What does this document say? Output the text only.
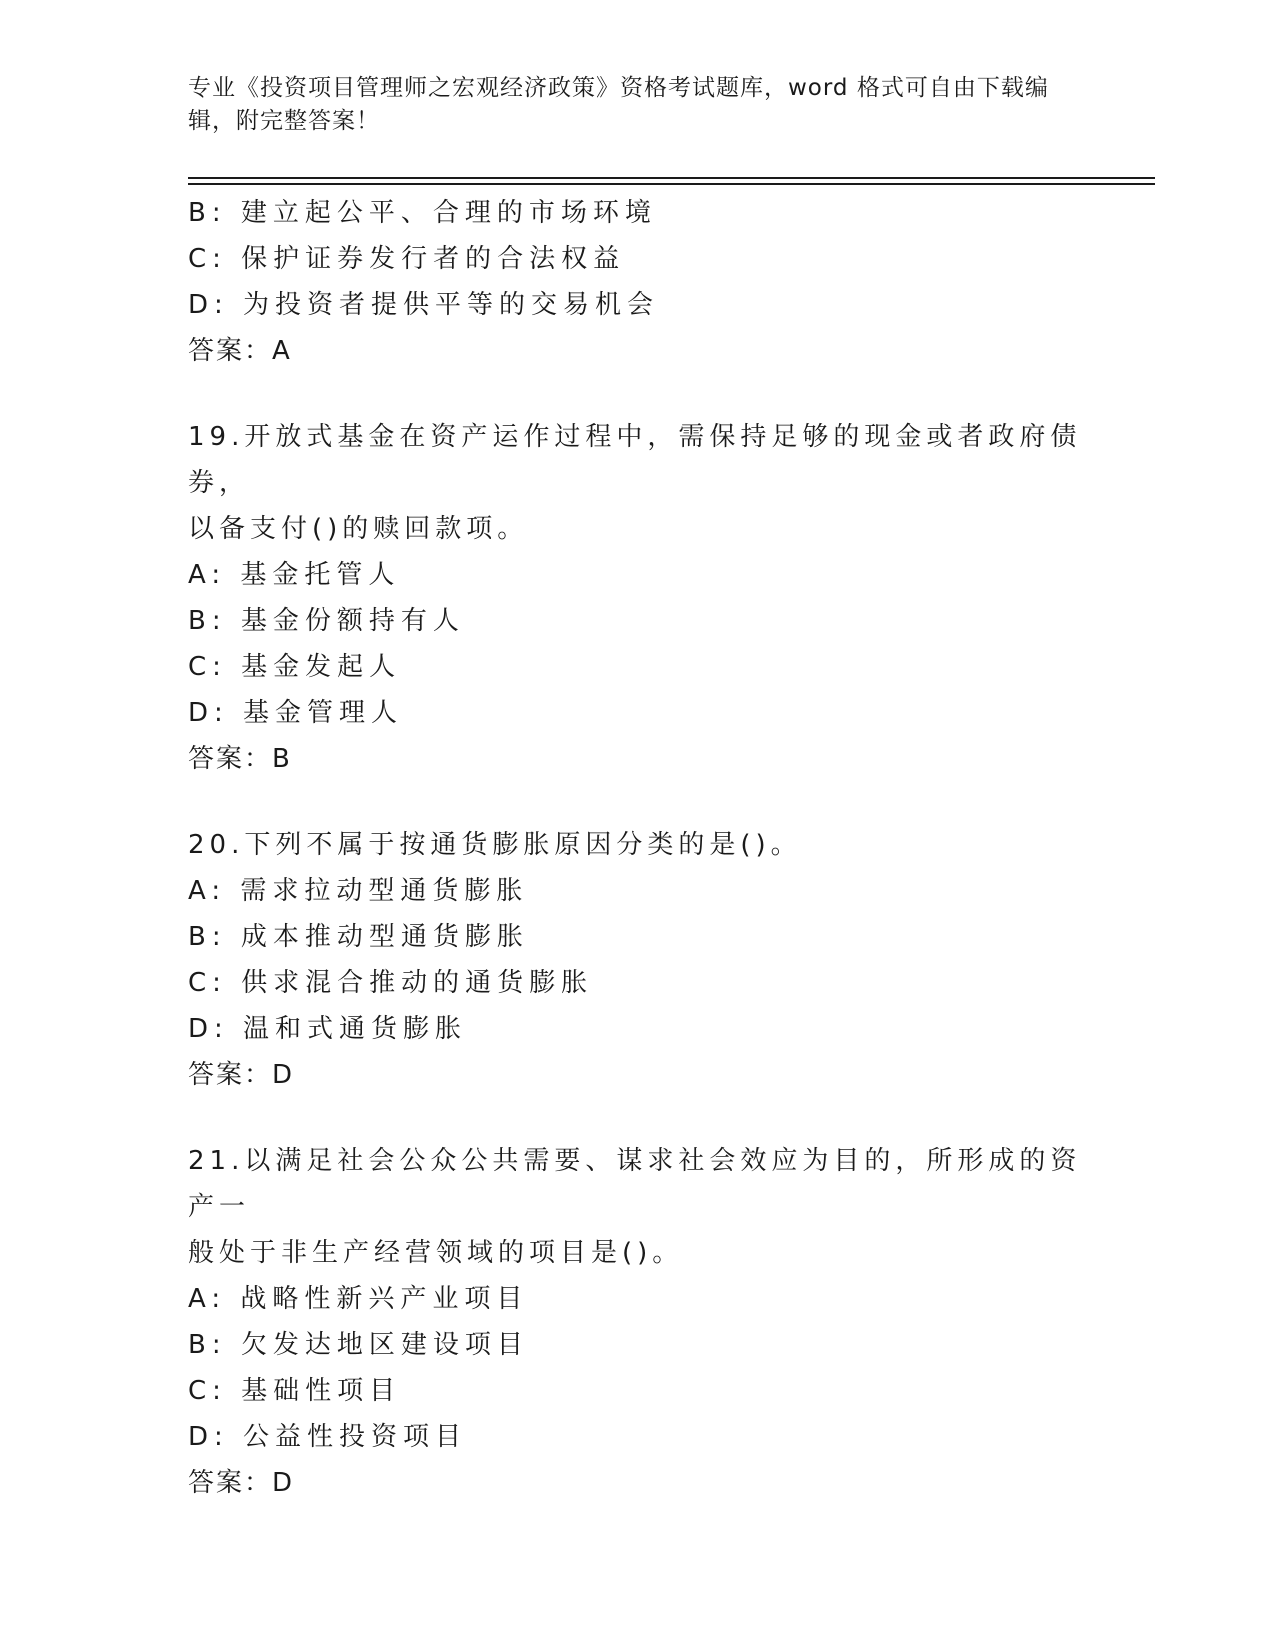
专业《投资项目管理师之宏观经济政策》资格考试题库，word 格式可自由下载编
辑，附完整答案！
B: 建立起公平、合理的市场环境
C: 保护证券发行者的合法权益
D: 为投资者提供平等的交易机会
答案：A
19.开放式基金在资产运作过程中，需保持足够的现金或者政府债券，
以备支付()的赎回款项。
A: 基金托管人
B: 基金份额持有人
C: 基金发起人
D: 基金管理人
答案：B
20.下列不属于按通货膨胀原因分类的是()。
A: 需求拉动型通货膨胀
B: 成本推动型通货膨胀
C: 供求混合推动的通货膨胀
D: 温和式通货膨胀
答案：D
21.以满足社会公众公共需要、谋求社会效应为目的，所形成的资产一
般处于非生产经营领域的项目是()。
A: 战略性新兴产业项目
B: 欠发达地区建设项目
C: 基础性项目
D: 公益性投资项目
答案：D
